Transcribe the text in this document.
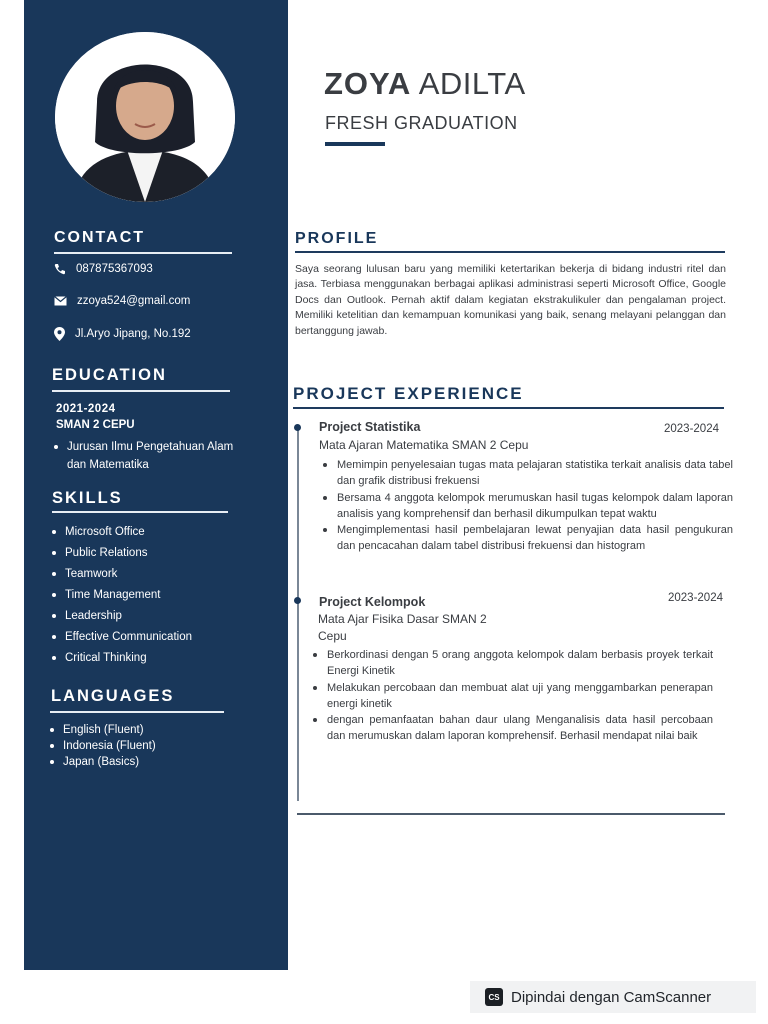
CONTACT
087875367093
zzoya524@gmail.com
Jl.Aryo Jipang, No.192
EDUCATION
2021-2024
SMAN 2 CEPU
Jurusan Ilmu Pengetahuan Alam dan Matematika
SKILLS
Microsoft Office
Public Relations
Teamwork
Time Management
Leadership
Effective Communication
Critical Thinking
LANGUAGES
English (Fluent)
Indonesia (Fluent)
Japan (Basics)
ZOYA ADILTA
FRESH GRADUATION
PROFILE

Saya seorang lulusan baru yang memiliki ketertarikan bekerja di bidang industri ritel dan jasa. Terbiasa menggunakan berbagai aplikasi administrasi seperti Microsoft Office, Google Docs dan Outlook. Pernah aktif dalam kegiatan ekstrakulikuler dan pengalaman project. Memiliki ketelitian dan kemampuan komunikasi yang baik, senang melayani pelanggan dan bertanggung jawab.

PROJECT EXPERIENCE
Project Statistika	2023-2024
Mata Ajaran Matematika SMAN 2 Cepu
Memimpin penyelesaian tugas mata pelajaran statistika terkait analisis data tabel dan grafik distribusi frekuensi
Bersama 4 anggota kelompok merumuskan hasil tugas kelompok dalam laporan analisis yang komprehensif dan berhasil dikumpulkan tepat waktu
Mengimplementasi hasil pembelajaran lewat penyajian data hasil pengukuran dan pencacahan dalam tabel distribusi frekuensi dan histogram
Project Kelompok	2023-2024
Mata Ajar Fisika Dasar SMAN 2 Cepu
Berkordinasi dengan 5 orang anggota kelompok dalam berbasis proyek terkait Energi Kinetik
Melakukan percobaan dan membuat alat uji yang menggambarkan penerapan energi kinetik
dengan pemanfaatan bahan daur ulang Menganalisis data hasil percobaan dan merumuskan dalam laporan komprehensif. Berhasil mendapat nilai baik
CS Dipindai dengan CamScanner
